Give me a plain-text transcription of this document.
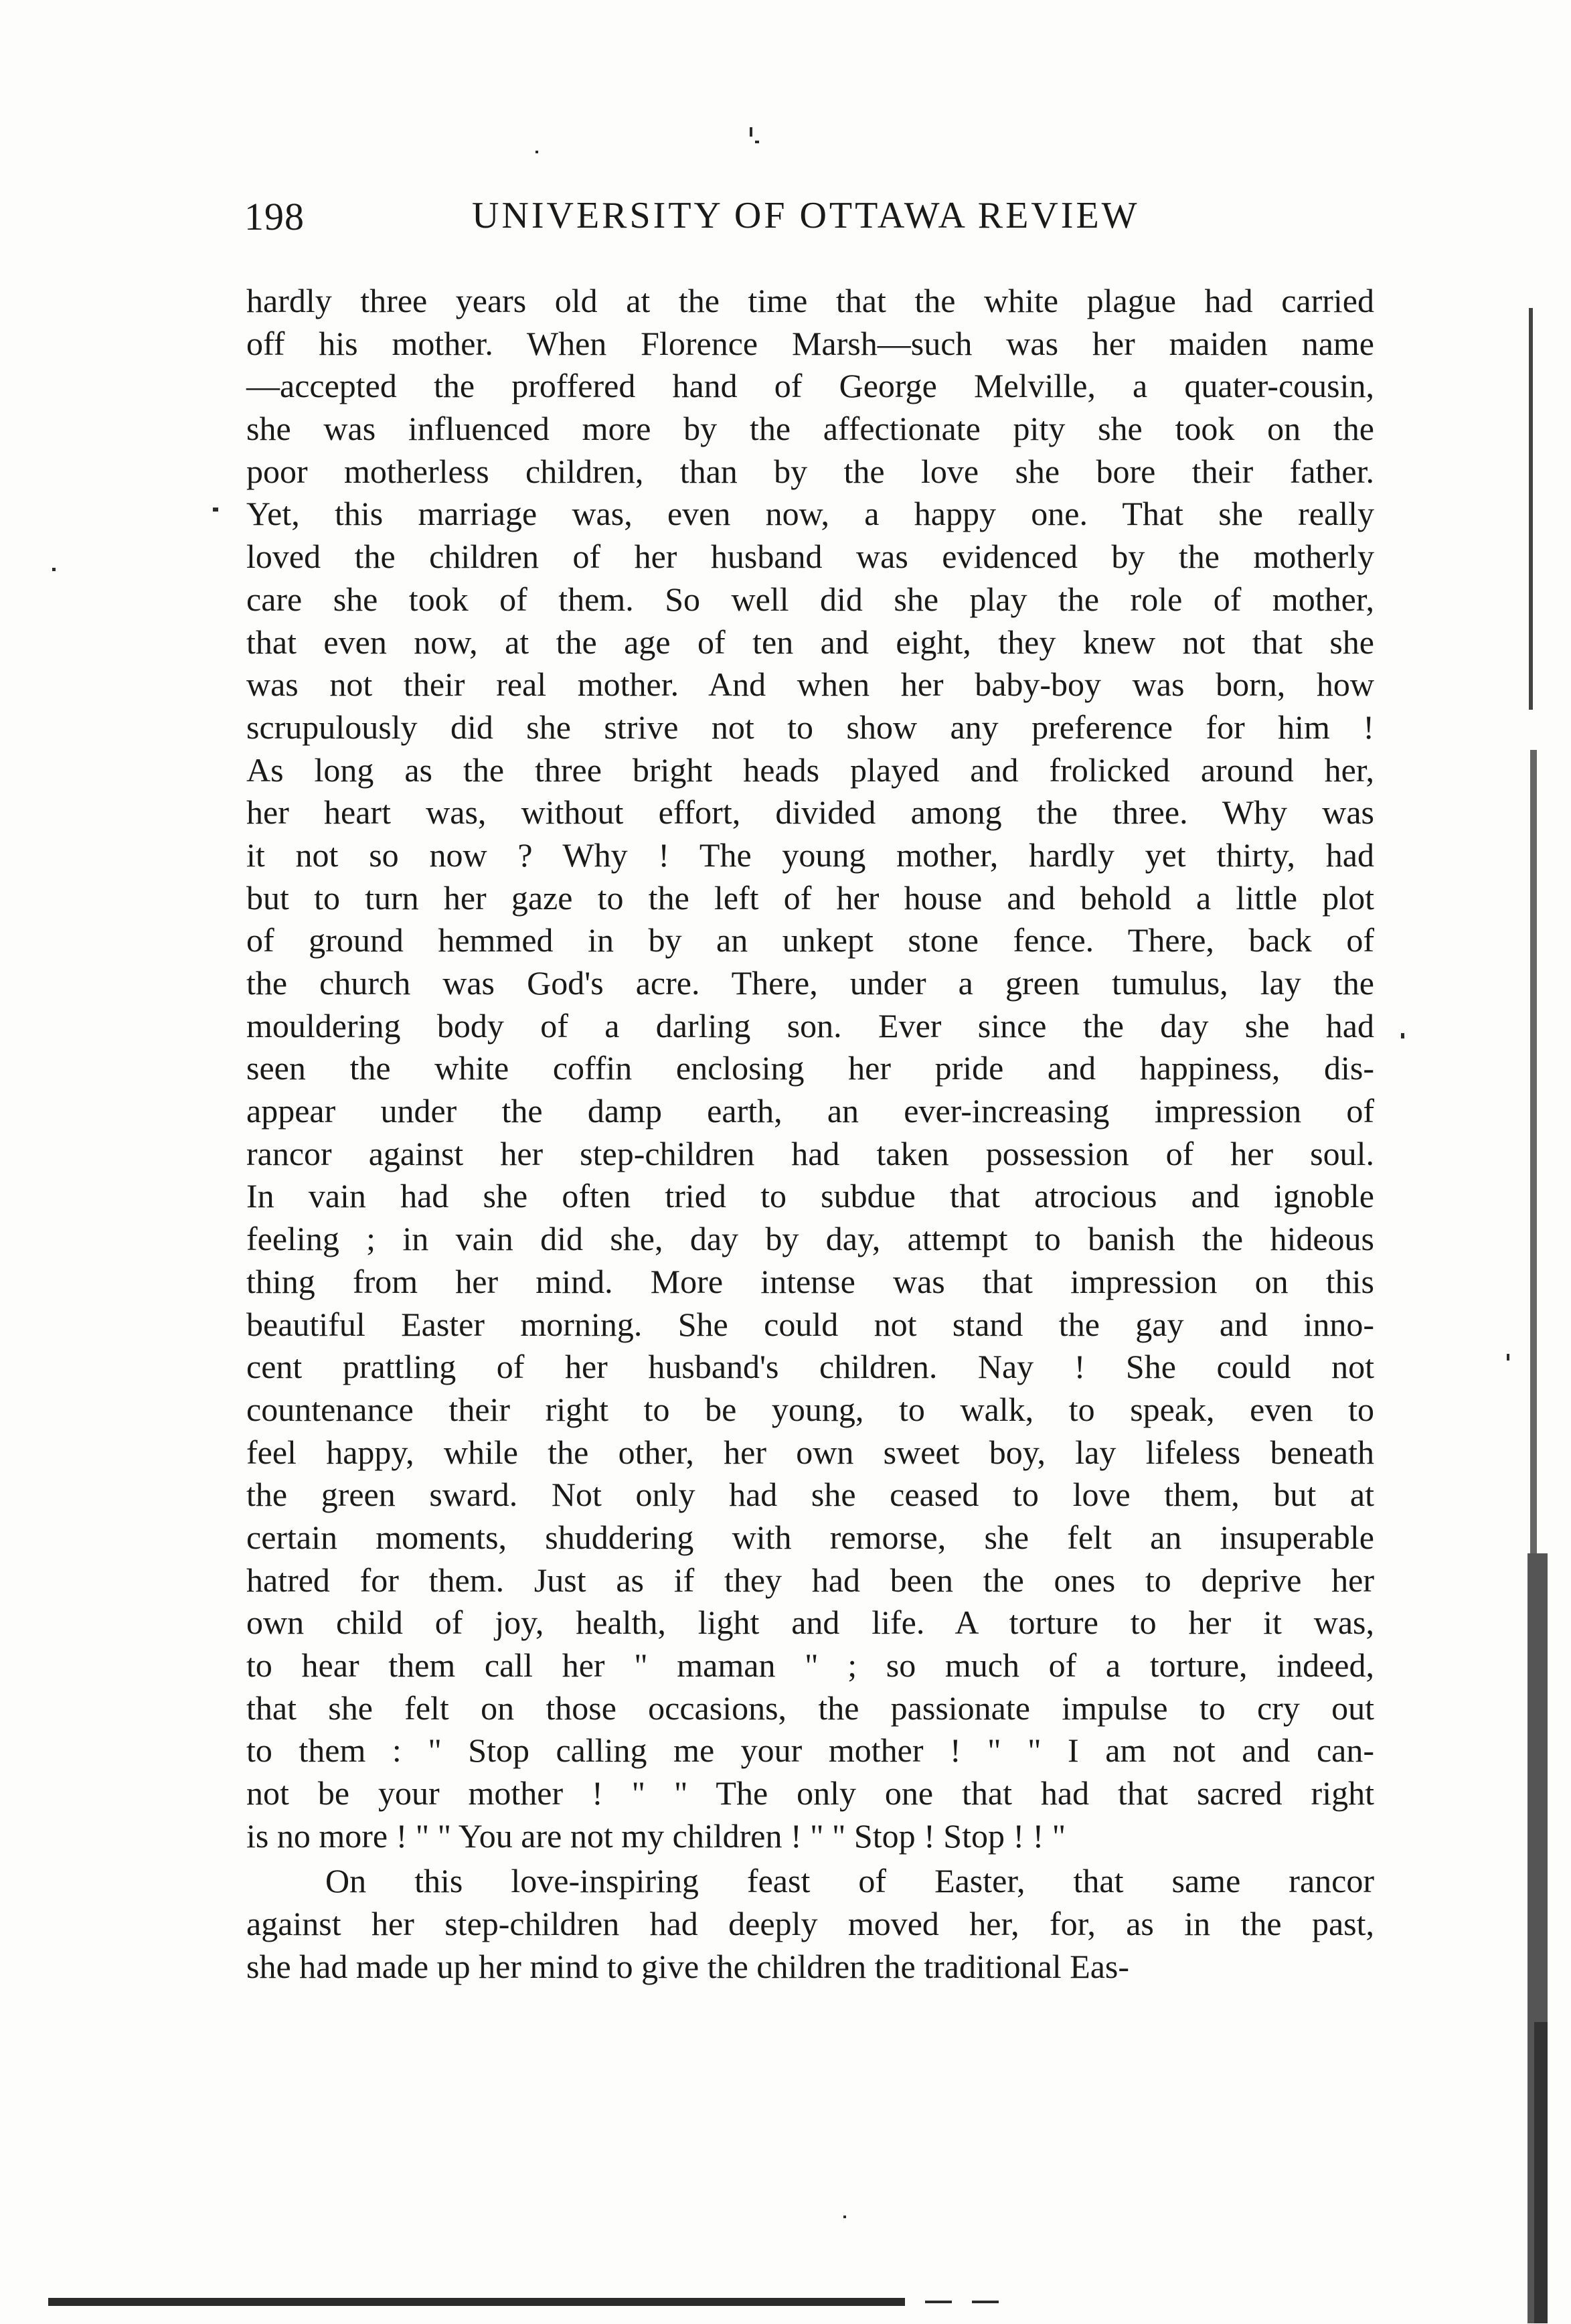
198	UNIVERSITY OF OTTAWA REVIEW
hardly three years old at the time that the white plague had carried
off his mother. When Florence Marsh—such was her maiden name
—accepted the proffered hand of George Melville, a quater-cousin,
she was influenced more by the affectionate pity she took on the
poor motherless children, than by the love she bore their father.
Yet, this marriage was, even now, a happy one. That she really
loved the children of her husband was evidenced by the motherly
care she took of them. So well did she play the role of mother,
that even now, at the age of ten and eight, they knew not that she
was not their real mother. And when her baby-boy was born, how
scrupulously did she strive not to show any preference for him !
As long as the three bright heads played and frolicked around her,
her heart was, without effort, divided among the three. Why was
it not so now ? Why ! The young mother, hardly yet thirty, had
but to turn her gaze to the left of her house and behold a little plot
of ground hemmed in by an unkept stone fence. There, back of
the church was God's acre. There, under a green tumulus, lay the
mouldering body of a darling son. Ever since the day she had
seen the white coffin enclosing her pride and happiness, dis-
appear under the damp earth, an ever-increasing impression of
rancor against her step-children had taken possession of her soul.
In vain had she often tried to subdue that atrocious and ignoble
feeling ; in vain did she, day by day, attempt to banish the hideous
thing from her mind. More intense was that impression on this
beautiful Easter morning. She could not stand the gay and inno-
cent prattling of her husband's children. Nay ! She could not
countenance their right to be young, to walk, to speak, even to
feel happy, while the other, her own sweet boy, lay lifeless beneath
the green sward. Not only had she ceased to love them, but at
certain moments, shuddering with remorse, she felt an insuperable
hatred for them. Just as if they had been the ones to deprive her
own child of joy, health, light and life. A torture to her it was,
to hear them call her " maman " ; so much of a torture, indeed,
that she felt on those occasions, the passionate impulse to cry out
to them : " Stop calling me your mother ! " " I am not and can-
not be your mother ! " " The only one that had that sacred right
is no more ! " " You are not my children ! " " Stop ! Stop ! ! "
On this love-inspiring feast of Easter, that same rancor
against her step-children had deeply moved her, for, as in the past,
she had made up her mind to give the children the traditional Eas-
